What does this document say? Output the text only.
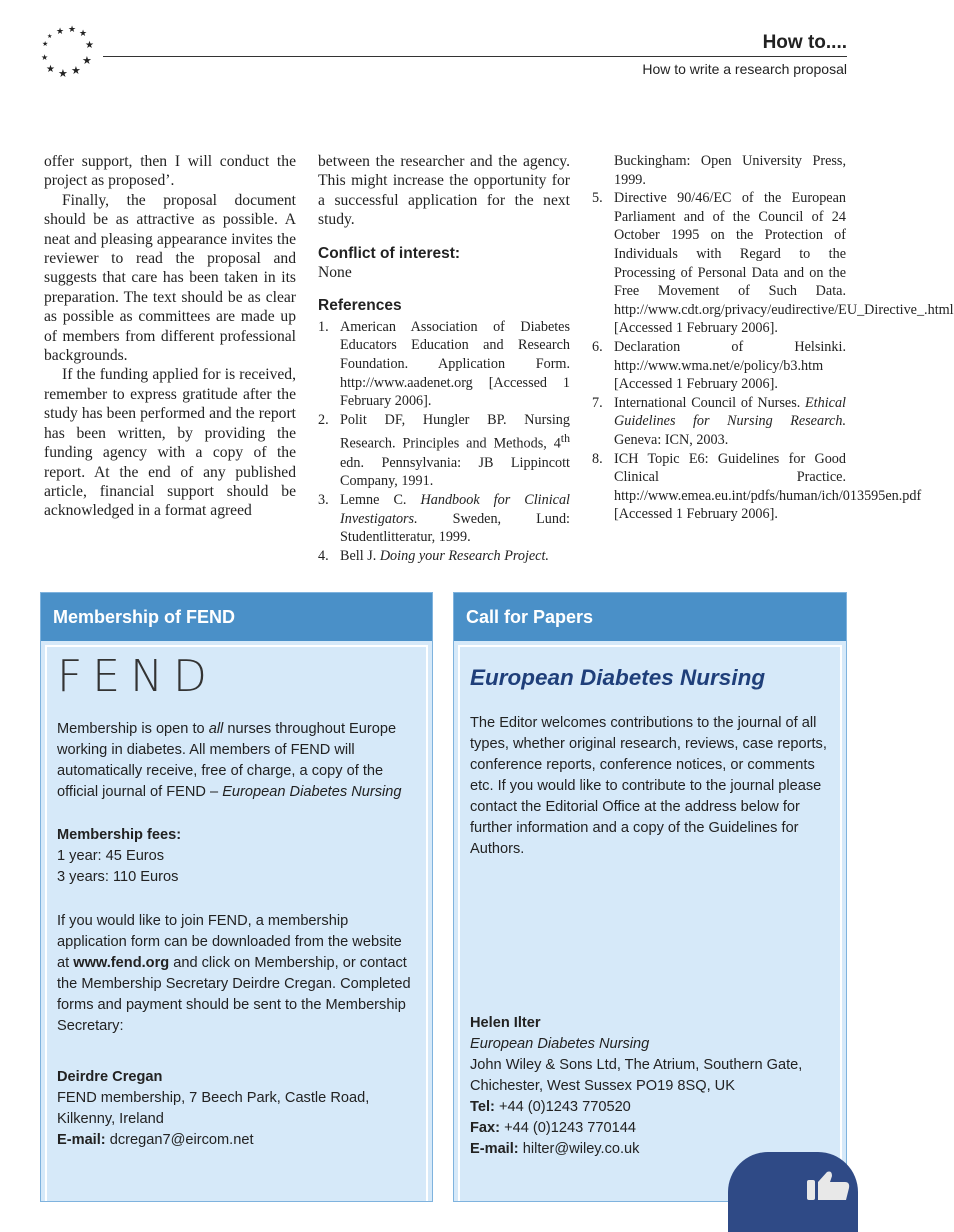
★ ★ ★
★
★
★
★
★
★
★
★	How to....
How to write a research proposal

offer support, then I will conduct the project as proposed’.

Finally, the proposal document should be as attractive as possible. A neat and pleasing appearance invites the reviewer to read the proposal and suggests that care has been taken in its preparation. The text should be as clear as possible as committees are made up of members from different professional backgrounds.

If the funding applied for is received, remember to express gratitude after the study has been performed and the report has been written, by providing the funding agency with a copy of the report. At the end of any published article, financial support should be acknowledged in a format agreed

between the researcher and the agency. This might increase the opportunity for a successful application for the next study.

Conflict of interest:

None

References

1. American Association of Diabetes Educators Education and Research Foundation. Application Form. http://www.aadenet.org [Accessed 1 February 2006].
2. Polit DF, Hungler BP. Nursing Research. Principles and Methods, 4th edn. Pennsylvania: JB Lippincott Company, 1991.
3. Lemne C. Handbook for Clinical Investigators. Sweden, Lund: Studentlitteratur, 1999.
4. Bell J. Doing your Research Project.
Buckingham: Open University Press, 1999.
5. Directive 90/46/EC of the European Parliament and of the Council of 24 October 1995 on the Protection of Individuals with Regard to the Processing of Personal Data and on the Free Movement of Such Data. http://www.cdt.org/privacy/eudirective/EU_Directive_.html [Accessed 1 February 2006].
6. Declaration of Helsinki. http://www.wma.net/e/policy/b3.htm [Accessed 1 February 2006].
7. International Council of Nurses. Ethical Guidelines for Nursing Research. Geneva: ICN, 2003.
8. ICH Topic E6: Guidelines for Good Clinical Practice. http://www.emea.eu.int/pdfs/human/ich/013595en.pdf [Accessed 1 February 2006].
Membership of FEND
FEND

Membership is open to all nurses throughout Europe working in diabetes. All members of FEND will automatically receive, free of charge, a copy of the official journal of FEND – European Diabetes Nursing

Membership fees:

1 year: 45 Euros

3 years: 110 Euros

If you would like to join FEND, a membership application form can be downloaded from the website at www.fend.org and click on Membership, or contact the Membership Secretary Deirdre Cregan. Completed forms and payment should be sent to the Membership Secretary:

Deirdre Cregan

FEND membership, 7 Beech Park, Castle Road, Kilkenny, Ireland

E-mail: dcregan7@eircom.net

Call for Papers
European Diabetes Nursing

The Editor welcomes contributions to the journal of all types, whether original research, reviews, case reports, conference reports, conference notices, or comments etc. If you would like to contribute to the journal please contact the Editorial Office at the address below for further information and a copy of the Guidelines for Authors.

Helen Ilter

European Diabetes Nursing

John Wiley & Sons Ltd, The Atrium, Southern Gate, Chichester, West Sussex PO19 8SQ, UK

Tel: +44 (0)1243 770520

Fax: +44 (0)1243 770144

E-mail: hilter@wiley.co.uk
